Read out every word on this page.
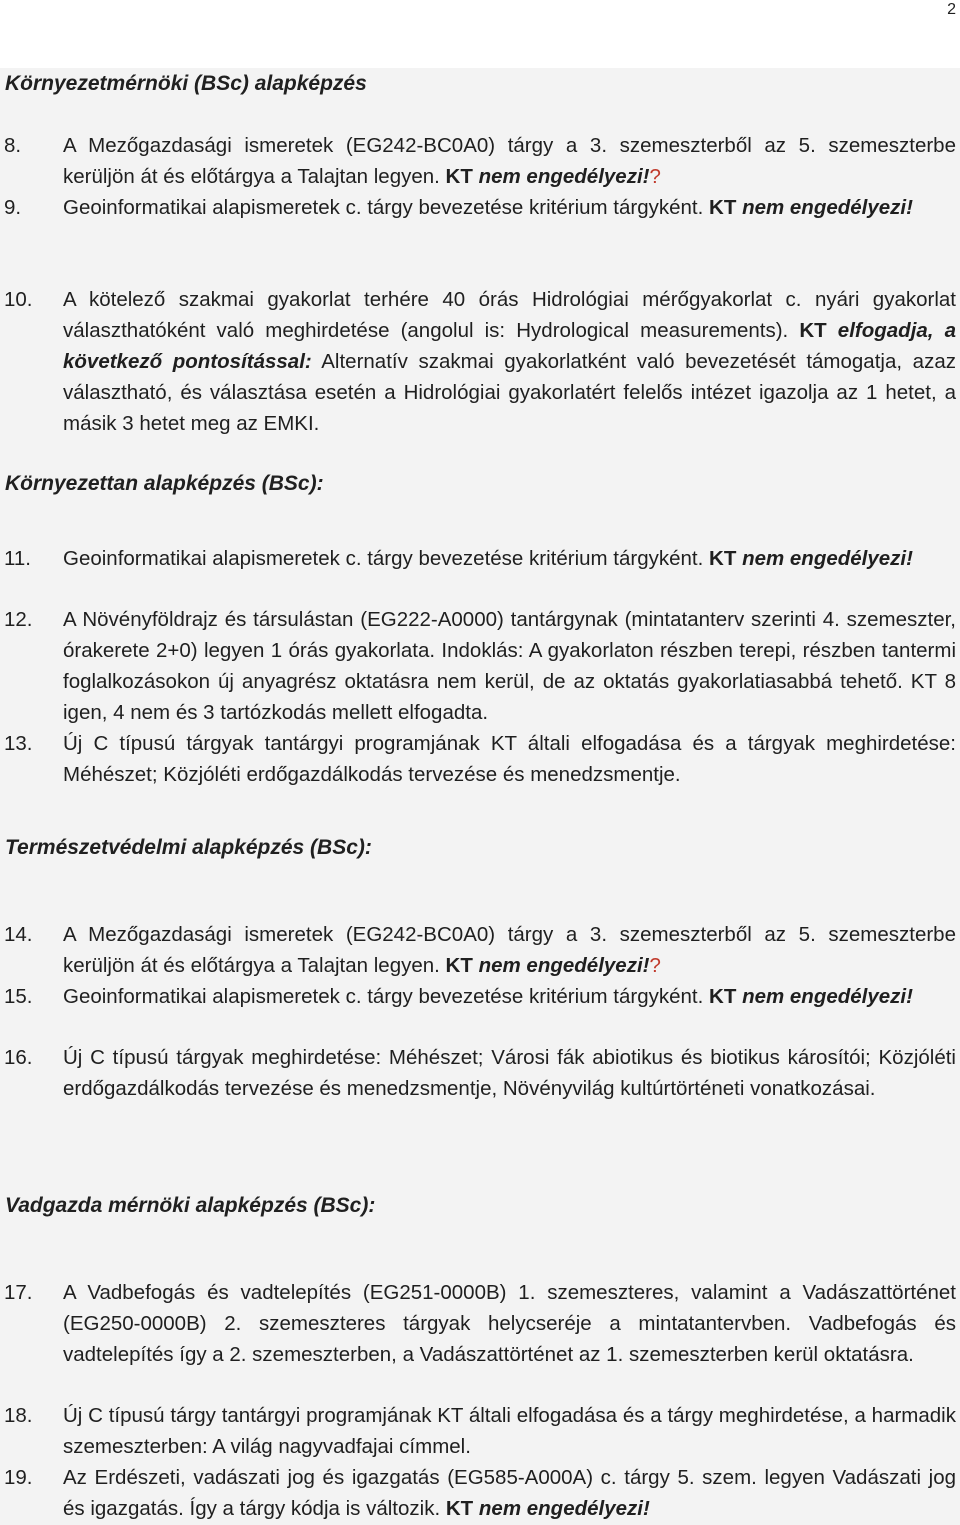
2
Környezetmérnöki (BSc) alapképzés
Környezettan alapképzés (BSc):
Természetvédelmi alapképzés (BSc):
Vadgazda mérnöki alapképzés (BSc):
8.	A Mezőgazdasági ismeretek (EG242-BC0A0) tárgy a 3. szemeszterből az 5. szemeszterbe kerüljön át és előtárgya a Talajtan legyen. KT nem engedélyezi!?

9.	Geoinformatikai alapismeretek c. tárgy bevezetése kritérium tárgyként. KT nem engedélyezi!

10.	A kötelező szakmai gyakorlat terhére 40 órás Hidrológiai mérőgyakorlat c. nyári gyakorlat választhatóként való meghirdetése (angolul is: Hydrological measurements). KT elfogadja, a következő pontosítással: Alternatív szakmai gyakorlatként való bevezetését támogatja, azaz választható, és választása esetén a Hidrológiai gyakorlatért felelős intézet igazolja az 1 hetet, a másik 3 hetet meg az EMKI.

11.	Geoinformatikai alapismeretek c. tárgy bevezetése kritérium tárgyként. KT nem engedélyezi!

12.	A Növényföldrajz és társulástan (EG222-A0000) tantárgynak (mintatanterv szerinti 4. szemeszter, órakerete 2+0) legyen 1 órás gyakorlata. Indoklás: A gyakorlaton részben terepi, részben tantermi foglalkozásokon új anyagrész oktatásra nem kerül, de az oktatás gyakorlatiasabbá tehető. KT 8 igen, 4 nem és 3 tartózkodás mellett elfogadta.

13.	Új C típusú tárgyak tantárgyi programjának KT általi elfogadása és a tárgyak meghirdetése: Méhészet; Közjóléti erdőgazdálkodás tervezése és menedzsmentje.

14.	A Mezőgazdasági ismeretek (EG242-BC0A0) tárgy a 3. szemeszterből az 5. szemeszterbe kerüljön át és előtárgya a Talajtan legyen. KT nem engedélyezi!?

15.	Geoinformatikai alapismeretek c. tárgy bevezetése kritérium tárgyként. KT nem engedélyezi!

16.	Új C típusú tárgyak meghirdetése: Méhészet; Városi fák abiotikus és biotikus károsítói; Közjóléti erdőgazdálkodás tervezése és menedzsmentje, Növényvilág kultúrtörténeti vonatkozásai.

17.	A Vadbefogás és vadtelepítés (EG251-0000B) 1. szemeszteres, valamint a Vadászattörténet (EG250-0000B) 2. szemeszteres tárgyak helycseréje a mintatantervben. Vadbefogás és vadtelepítés így a 2. szemeszterben, a Vadászattörténet az 1. szemeszterben kerül oktatásra.

18.	Új C típusú tárgy tantárgyi programjának KT általi elfogadása és a tárgy meghirdetése, a harmadik szemeszterben: A világ nagyvadfajai címmel.

19.	Az Erdészeti, vadászati jog és igazgatás (EG585-A000A) c. tárgy 5. szem. legyen Vadászati jog és igazgatás. Így a tárgy kódja is változik. KT nem engedélyezi!
